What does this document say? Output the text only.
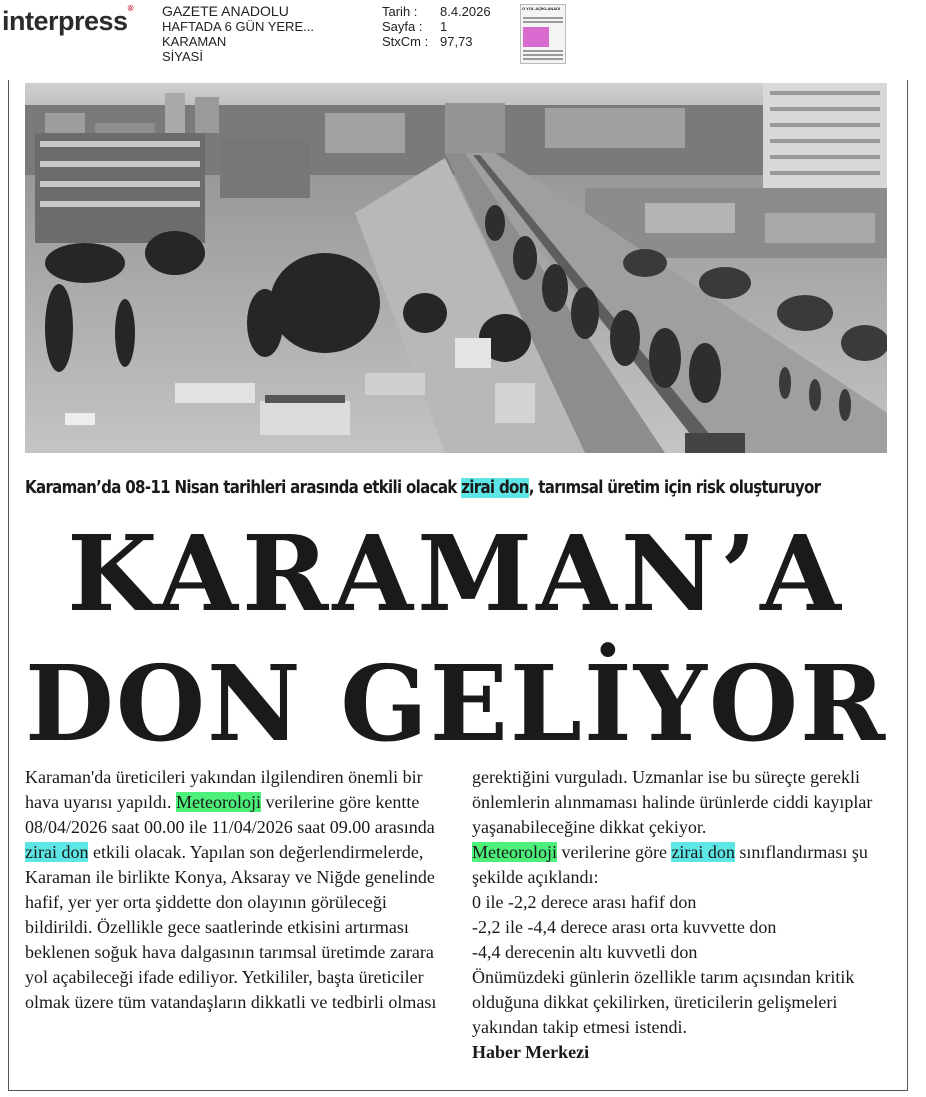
interpress® GAZETE ANADOLU
HAFTADA 6 GÜN YERE...
KARAMAN
SİYASİ
Tarih :	8.4.2026
Sayfa :	1
StxCm : 97,73
O YOL AÇIKLANADI
Karaman’da 08-11 Nisan tarihleri arasında etkili olacak zirai don, tarımsal üretim için risk oluşturuyor
KARAMAN’A
DON GELİYOR

Karaman'da üreticileri yakından ilgilendiren önemli bir hava uyarısı yapıldı. Meteoroloji verilerine göre kentte 08/04/2026 saat 00.00 ile 11/04/2026 saat 09.00 arasında zirai don etkili olacak. Yapılan son değerlendirmelerde, Karaman ile birlikte Konya, Aksaray ve Niğde genelinde hafif, yer yer orta şiddette don olayının görüleceği bildirildi. Özellikle gece saatlerinde etkisini artırması beklenen soğuk hava dalgasının tarımsal üretimde zarara yol açabileceği ifade ediliyor. Yetkililer, başta üreticiler olmak üzere tüm vatandaşların dikkatli ve tedbirli olması

gerektiğini vurguladı. Uzmanlar ise bu süreçte gerekli önlemlerin alınmaması halinde ürünlerde ciddi kayıplar yaşanabileceğine dikkat çekiyor.

Meteoroloji verilerine göre zirai don sınıflandırması şu şekilde açıklandı:

0 ile -2,2 derece arası hafif don

-2,2 ile -4,4 derece arası orta kuvvette don

-4,4 derecenin altı kuvvetli don

Önümüzdeki günlerin özellikle tarım açısından kritik olduğuna dikkat çekilirken, üreticilerin gelişmeleri yakından takip etmesi istendi.

Haber Merkezi
